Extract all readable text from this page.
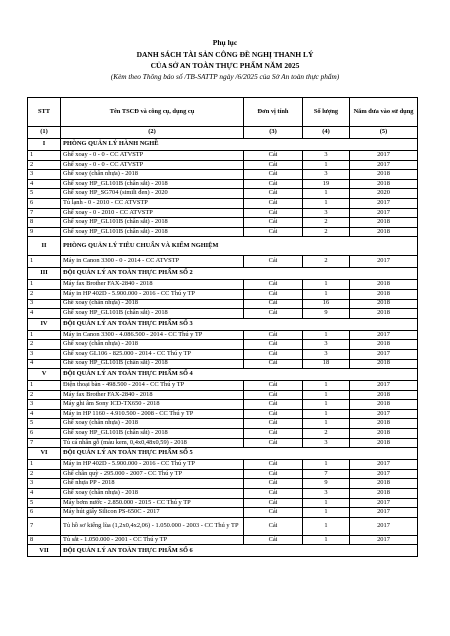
Phụ lục
DANH SÁCH TÀI SẢN CÔNG ĐỀ NGHỊ THANH LÝ
CỦA SỞ AN TOÀN THỰC PHẨM NĂM 2025
(Kèm theo Thông báo số /TB-SATTP ngày /6/2025 của Sở An toàn thực phẩm)
STT	Tên TSCĐ và công cụ, dụng cụ	Đơn vị tính	Số lượng	Năm đưa vào sử dụng
(1)	(2)	(3)	(4)	(5)
I	PHÒNG QUẢN LÝ HÀNH NGHỀ			
1	Ghế xoay - 0 - 0 - CC ATVSTP	Cái	3	2017
2	Ghế xoay - 0 - 0 - CC ATVSTP	Cái	1	2017
3	Ghế xoay (chân nhựa) - 2018	Cái	3	2018
4	Ghế xoay HP_GL101B (chân sắt) - 2018	Cái	19	2018
5	Ghế xoay HP_SG704 (simili đen) - 2020	Cái	1	2020
6	Tủ lạnh - 0 - 2010 - CC ATVSTP	Cái	1	2017
7	Ghế xoay - 0 - 2010 - CC ATVSTP	Cái	3	2017
8	Ghế xoay HP_GL101B (chân sắt) - 2018	Cái	2	2018
9	Ghế xoay HP_GL101B (chân sắt) - 2018	Cái	2	2018
II	PHÒNG QUẢN LÝ TIÊU CHUẨN VÀ KIỂM NGHIỆM			
1	Máy in Canon 3300 - 0 - 2014 - CC ATVSTP	Cái	2	2017
III	ĐỘI QUẢN LÝ AN TOÀN THỰC PHẨM SỐ 2			
1	Máy fax Brother FAX-2840 - 2018	Cái	1	2018
2	Máy in HP 402D - 5.900.000 - 2016 - CC Thú y TP	Cái	1	2018
3	Ghế xoay (chân nhựa) - 2018	Cái	16	2018
4	Ghế xoay HP_GL101B (chân sắt) - 2018	Cái	9	2018
IV	ĐỘI QUẢN LÝ AN TOÀN THỰC PHẨM SỐ 3			
1	Máy in Canon 3300 - 4.086.500 - 2014 - CC Thú y TP	Cái	1	2017
2	Ghế xoay (chân nhựa) - 2018	Cái	3	2018
3	Ghế xoay GL106 - 825.000 - 2014 - CC Thú y TP	Cái	3	2017
4	Ghế xoay HP_GL101B (chân sắt) - 2018	Cái	18	2018
V	ĐỘI QUẢN LÝ AN TOÀN THỰC PHẨM SỐ 4			
1	Điện thoại bàn - 498.500 - 2014 - CC Thú y TP	Cái	1	2017
2	Máy fax Brother FAX-2840 - 2018	Cái	1	2018
3	Máy ghi âm Sony ICD-TX650 - 2018	Cái	1	2018
4	Máy in HP 1160 - 4.910.500 - 2008 - CC Thú y TP	Cái	1	2017
5	Ghế xoay (chân nhựa) - 2018	Cái	1	2018
6	Ghế xoay HP_GL101B (chân sắt) - 2018	Cái	2	2018
7	Tủ cá nhân gỗ (màu kem, 0,4x0,48x0,59) - 2018	Cái	3	2018
VI	ĐỘI QUẢN LÝ AN TOÀN THỰC PHẨM SỐ 5			
1	Máy in HP 402D - 5.900.000 - 2016 - CC Thú y TP	Cái	1	2017
2	Ghế chân quỳ - 295.000 - 2007 - CC Thú y TP	Cái	7	2017
3	Ghế nhựa PP - 2018	Cái	9	2018
4	Ghế xoay (chân nhựa) - 2018	Cái	3	2018
5	Máy bơm nước - 2.850.000 - 2015 - CC Thú y TP	Cái	1	2017
6	Máy hút giấy Silicon PS-650C - 2017	Cái	1	2017
7	Tủ hồ sơ kiếng lùa (1,2x0,4x2,06) - 1.050.000 - 2003 - CC Thú y TP	Cái	1	2017
8	Tủ sắt - 1.050.000 - 2001 - CC Thú y TP	Cái	1	2017
VII	ĐỘI QUẢN LÝ AN TOÀN THỰC PHẨM SỐ 6			
